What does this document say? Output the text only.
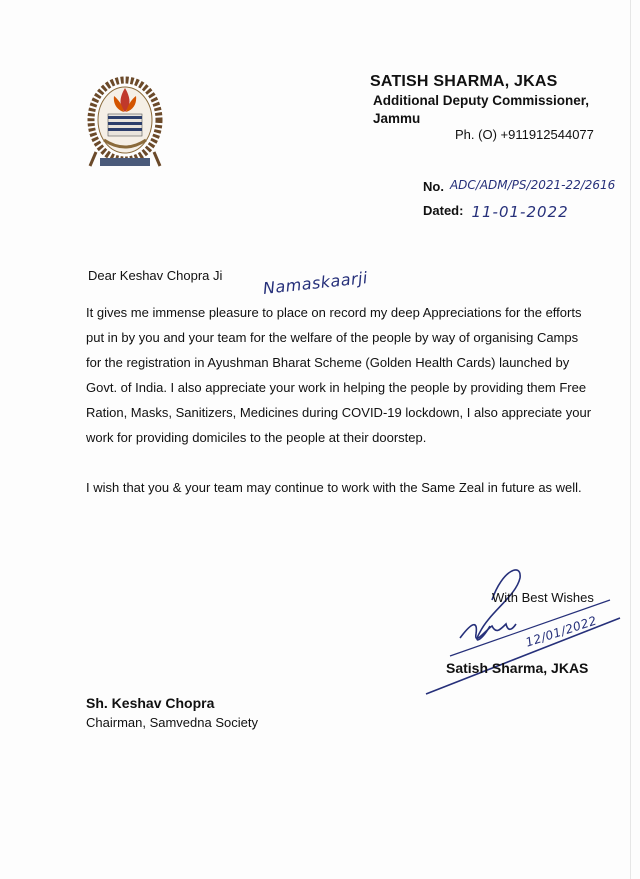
SATISH SHARMA, JKAS
Additional Deputy Commissioner,
Jammu
Ph. (O) +911912544077
No. ADC/ADM/PS/2021-22/2616
Dated: 11-01-2022
Dear Keshav Chopra Ji Namaskaarji

It gives me immense pleasure to place on record my deep Appreciations for the efforts put in by you and your team for the welfare of the people by way of organising Camps for the registration in Ayushman Bharat Scheme (Golden Health Cards) launched by Govt. of India. I also appreciate your work in helping the people by providing them Free Ration, Masks, Sanitizers, Medicines during COVID-19 lockdown, I also appreciate your work for providing domiciles to the people at their doorstep.

I wish that you & your team may continue to work with the Same Zeal in future as well.

With Best Wishes
12/01/2022
Satish Sharma, JKAS
Sh. Keshav Chopra
Chairman, Samvedna Society
